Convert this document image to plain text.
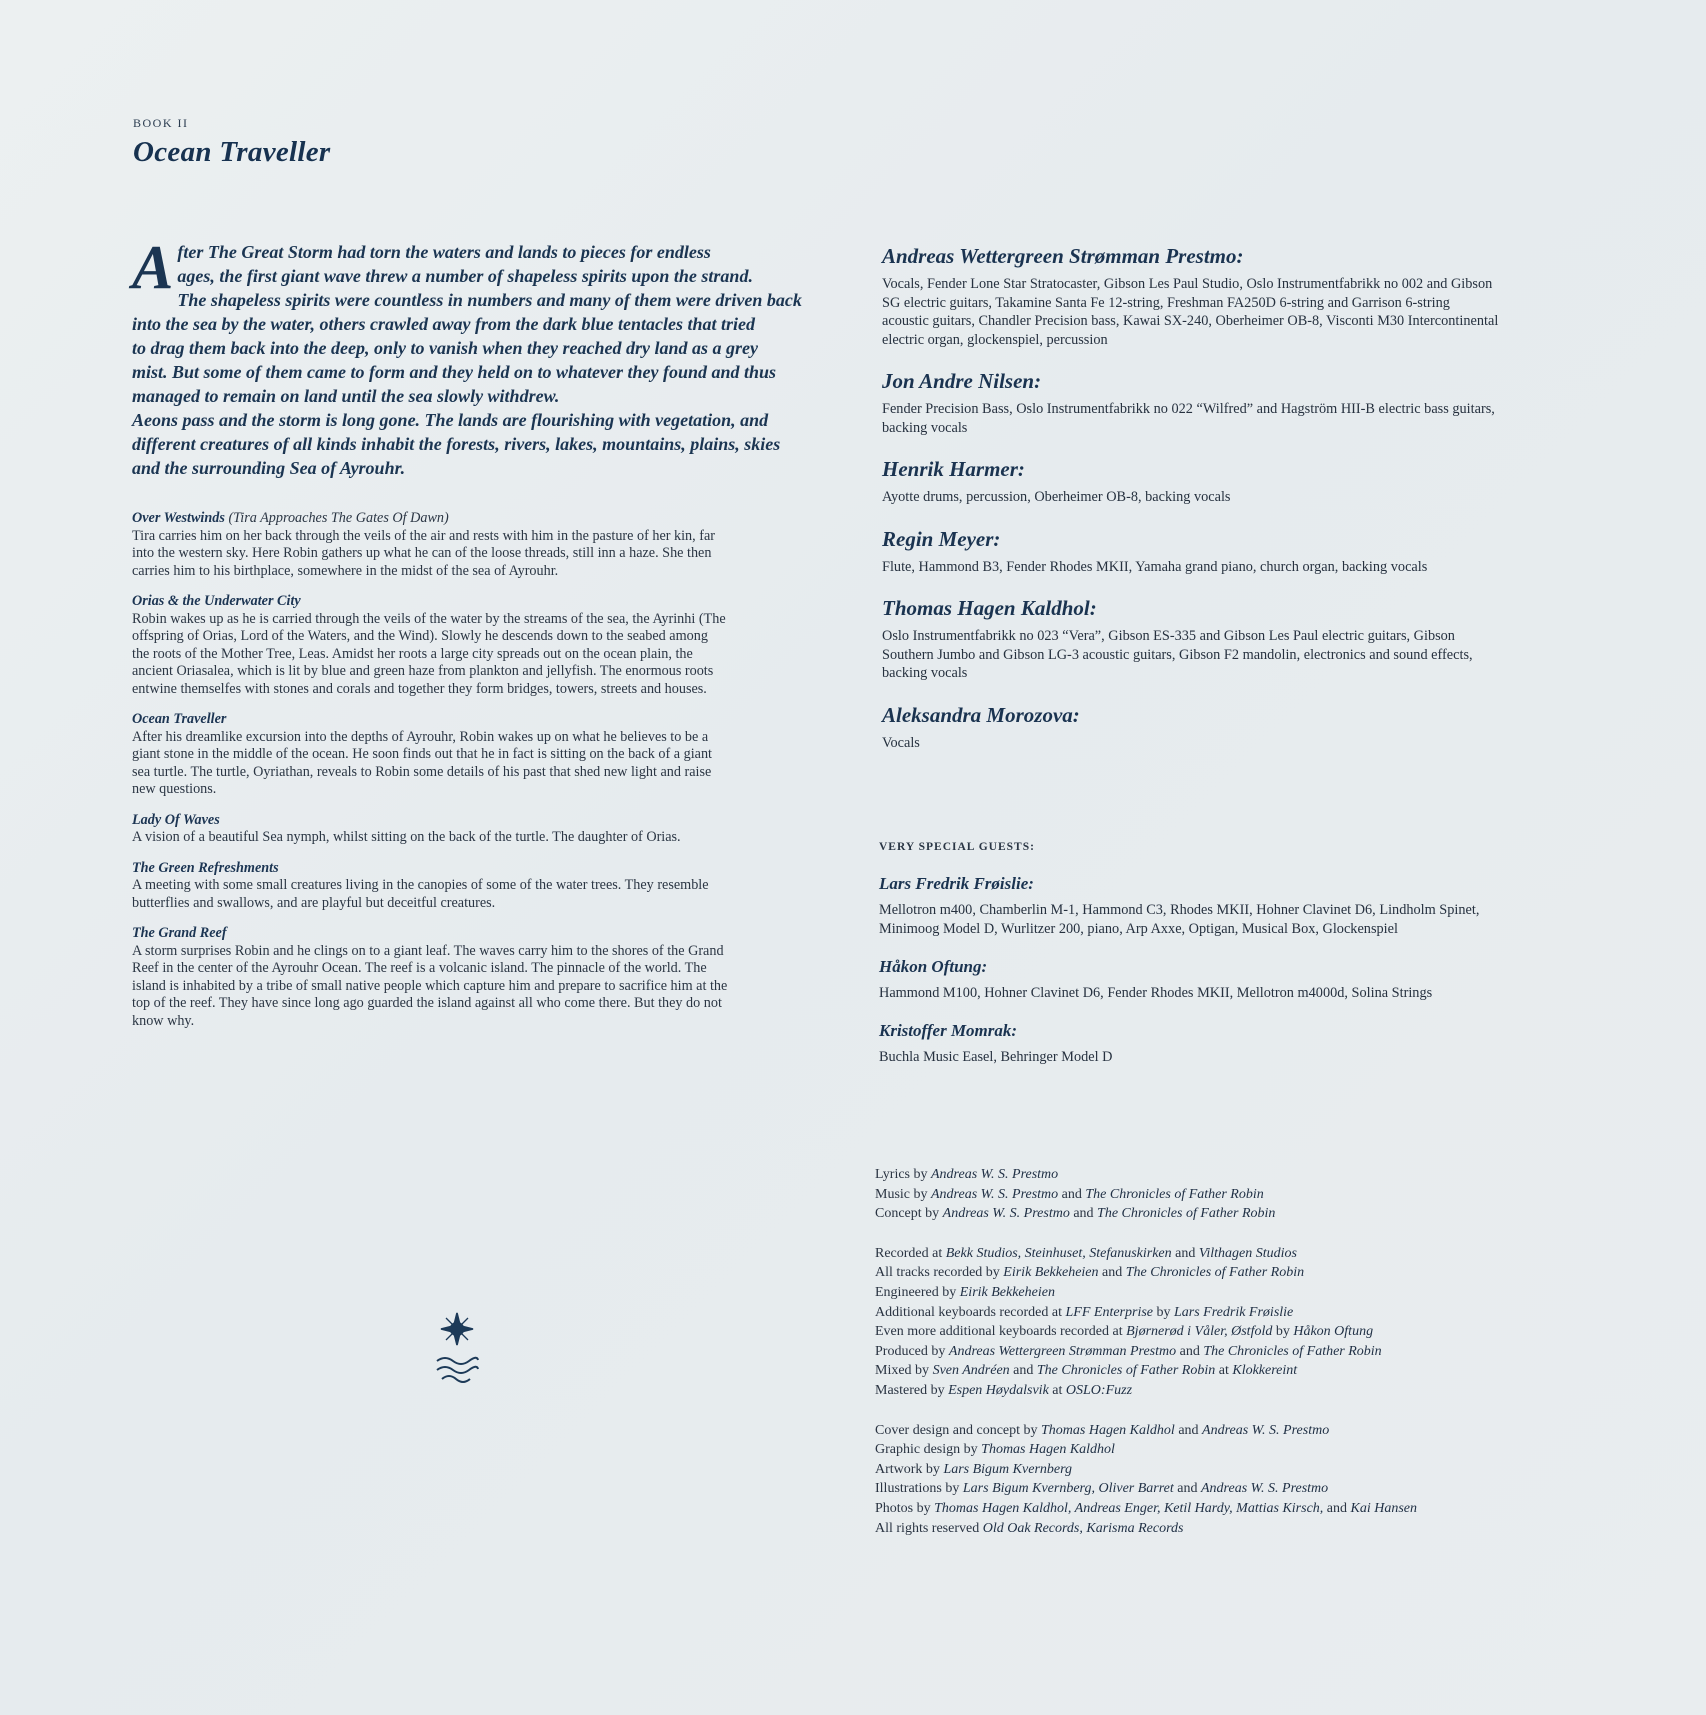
BOOK II
Ocean Traveller
A fter The Great Storm had torn the waters and lands to pieces for endless
ages, the first giant wave threw a number of shapeless spirits upon the strand.
The shapeless spirits were countless in numbers and many of them were driven back
into the sea by the water, others crawled away from the dark blue tentacles that tried
to drag them back into the deep, only to vanish when they reached dry land as a grey
mist. But some of them came to form and they held on to whatever they found and thus
managed to remain on land until the sea slowly withdrew.
Aeons pass and the storm is long gone. The lands are flourishing with vegetation, and
different creatures of all kinds inhabit the forests, rivers, lakes, mountains, plains, skies
and the surrounding Sea of Ayrouhr.
Over Westwinds (Tira Approaches The Gates Of Dawn)
Tira carries him on her back through the veils of the air and rests with him in the pasture of her kin, far
into the western sky. Here Robin gathers up what he can of the loose threads, still inn a haze. She then
carries him to his birthplace, somewhere in the midst of the sea of Ayrouhr.
Orias & the Underwater City
Robin wakes up as he is carried through the veils of the water by the streams of the sea, the Ayrinhi (The
offspring of Orias, Lord of the Waters, and the Wind). Slowly he descends down to the seabed among
the roots of the Mother Tree, Leas. Amidst her roots a large city spreads out on the ocean plain, the
ancient Oriasalea, which is lit by blue and green haze from plankton and jellyfish. The enormous roots
entwine themselfes with stones and corals and together they form bridges, towers, streets and houses.
Ocean Traveller
After his dreamlike excursion into the depths of Ayrouhr, Robin wakes up on what he believes to be a
giant stone in the middle of the ocean. He soon finds out that he in fact is sitting on the back of a giant
sea turtle. The turtle, Oyriathan, reveals to Robin some details of his past that shed new light and raise
new questions.
Lady Of Waves
A vision of a beautiful Sea nymph, whilst sitting on the back of the turtle. The daughter of Orias.
The Green Refreshments
A meeting with some small creatures living in the canopies of some of the water trees. They resemble
butterflies and swallows, and are playful but deceitful creatures.
The Grand Reef
A storm surprises Robin and he clings on to a giant leaf. The waves carry him to the shores of the Grand
Reef in the center of the Ayrouhr Ocean. The reef is a volcanic island. The pinnacle of the world. The
island is inhabited by a tribe of small native people which capture him and prepare to sacrifice him at the
top of the reef. They have since long ago guarded the island against all who come there. But they do not
know why.
Andreas Wettergreen Strømman Prestmo:
Vocals, Fender Lone Star Stratocaster, Gibson Les Paul Studio, Oslo Instrumentfabrikk no 002 and Gibson
SG electric guitars, Takamine Santa Fe 12-string, Freshman FA250D 6-string and Garrison 6-string
acoustic guitars, Chandler Precision bass, Kawai SX-240, Oberheimer OB-8, Visconti M30 Intercontinental
electric organ, glockenspiel, percussion
Jon Andre Nilsen:
Fender Precision Bass, Oslo Instrumentfabrikk no 022 “Wilfred” and Hagström HII-B electric bass guitars,
backing vocals
Henrik Harmer:
Ayotte drums, percussion, Oberheimer OB-8, backing vocals
Regin Meyer:
Flute, Hammond B3, Fender Rhodes MKII, Yamaha grand piano, church organ, backing vocals
Thomas Hagen Kaldhol:
Oslo Instrumentfabrikk no 023 “Vera”, Gibson ES-335 and Gibson Les Paul electric guitars, Gibson
Southern Jumbo and Gibson LG-3 acoustic guitars, Gibson F2 mandolin, electronics and sound effects,
backing vocals
Aleksandra Morozova:
Vocals
VERY SPECIAL GUESTS:
Lars Fredrik Frøislie:
Mellotron m400, Chamberlin M-1, Hammond C3, Rhodes MKII, Hohner Clavinet D6, Lindholm Spinet,
Minimoog Model D, Wurlitzer 200, piano, Arp Axxe, Optigan, Musical Box, Glockenspiel
Håkon Oftung:
Hammond M100, Hohner Clavinet D6, Fender Rhodes MKII, Mellotron m4000d, Solina Strings
Kristoffer Momrak:
Buchla Music Easel, Behringer Model D
Lyrics by Andreas W. S. Prestmo
Music by Andreas W. S. Prestmo and The Chronicles of Father Robin
Concept by Andreas W. S. Prestmo and The Chronicles of Father Robin
Recorded at Bekk Studios, Steinhuset, Stefanuskirken and Vilthagen Studios
All tracks recorded by Eirik Bekkeheien and The Chronicles of Father Robin
Engineered by Eirik Bekkeheien
Additional keyboards recorded at LFF Enterprise by Lars Fredrik Frøislie
Even more additional keyboards recorded at Bjørnerød i Våler, Østfold by Håkon Oftung
Produced by Andreas Wettergreen Strømman Prestmo and The Chronicles of Father Robin
Mixed by Sven Andréen and The Chronicles of Father Robin at Klokkereint
Mastered by Espen Høydalsvik at OSLO:Fuzz
Cover design and concept by Thomas Hagen Kaldhol and Andreas W. S. Prestmo
Graphic design by Thomas Hagen Kaldhol
Artwork by Lars Bigum Kvernberg
Illustrations by Lars Bigum Kvernberg, Oliver Barret and Andreas W. S. Prestmo
Photos by Thomas Hagen Kaldhol, Andreas Enger, Ketil Hardy, Mattias Kirsch, and Kai Hansen
All rights reserved Old Oak Records, Karisma Records
